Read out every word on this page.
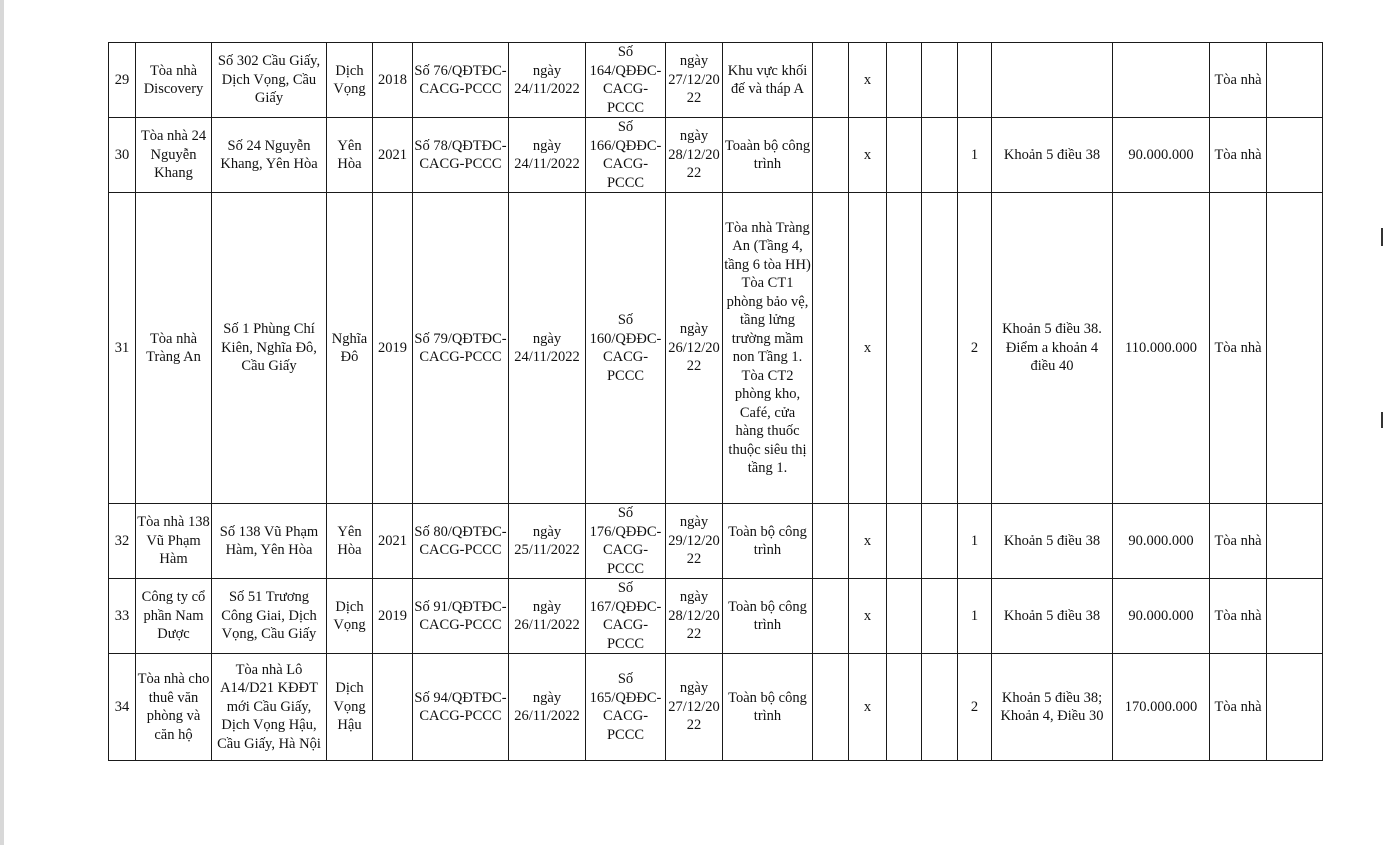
29	Tòa nhà Discovery	Số 302 Cầu Giấy, Dịch Vọng, Cầu Giấy	Dịch Vọng	2018	Số 76/QĐTĐC-CACG-PCCC	ngày 24/11/2022	Số 164/QĐĐC-CACG-PCCC	ngày 27/12/2022	Khu vực khối đế và tháp A		x						Tòa nhà	
30	Tòa nhà 24 Nguyễn Khang	Số 24 Nguyễn Khang, Yên Hòa	Yên Hòa	2021	Số 78/QĐTĐC-CACG-PCCC	ngày 24/11/2022	Số 166/QĐĐC-CACG-PCCC	ngày 28/12/2022	Toaàn bộ công trình		x			1	Khoản 5 điều 38	90.000.000	Tòa nhà	
31	Tòa nhà Tràng An	Số 1 Phùng Chí Kiên, Nghĩa Đô, Cầu Giấy	Nghĩa Đô	2019	Số 79/QĐTĐC-CACG-PCCC	ngày 24/11/2022	Số 160/QĐĐC-CACG-PCCC	ngày 26/12/2022	Tòa nhà Tràng An (Tầng 4, tầng 6 tòa HH) Tòa CT1 phòng bảo vệ, tầng lửng trường mầm non Tầng 1. Tòa CT2 phòng kho, Café, cửa hàng thuốc thuộc siêu thị tầng 1.		x			2	Khoản 5 điều 38. Điểm a khoản 4 điều 40	110.000.000	Tòa nhà	
32	Tòa nhà 138 Vũ Phạm Hàm	Số 138 Vũ Phạm Hàm, Yên Hòa	Yên Hòa	2021	Số 80/QĐTĐC-CACG-PCCC	ngày 25/11/2022	Số 176/QĐĐC-CACG-PCCC	ngày 29/12/2022	Toàn bộ công trình		x			1	Khoản 5 điều 38	90.000.000	Tòa nhà	
33	Công ty cổ phần Nam Dược	Số 51 Trương Công Giai, Dịch Vọng, Cầu Giấy	Dịch Vọng	2019	Số 91/QĐTĐC-CACG-PCCC	ngày 26/11/2022	Số 167/QĐĐC-CACG-PCCC	ngày 28/12/2022	Toàn bộ công trình		x			1	Khoản 5 điều 38	90.000.000	Tòa nhà	
34	Tòa nhà cho thuê văn phòng và căn hộ	Tòa nhà Lô A14/D21 KĐĐT mới Cầu Giấy, Dịch Vọng Hậu, Cầu Giấy, Hà Nội	Dịch Vọng Hậu		Số 94/QĐTĐC-CACG-PCCC	ngày 26/11/2022	Số 165/QĐĐC-CACG-PCCC	ngày 27/12/2022	Toàn bộ công trình		x			2	Khoản 5 điều 38; Khoản 4, Điều 30	170.000.000	Tòa nhà	
